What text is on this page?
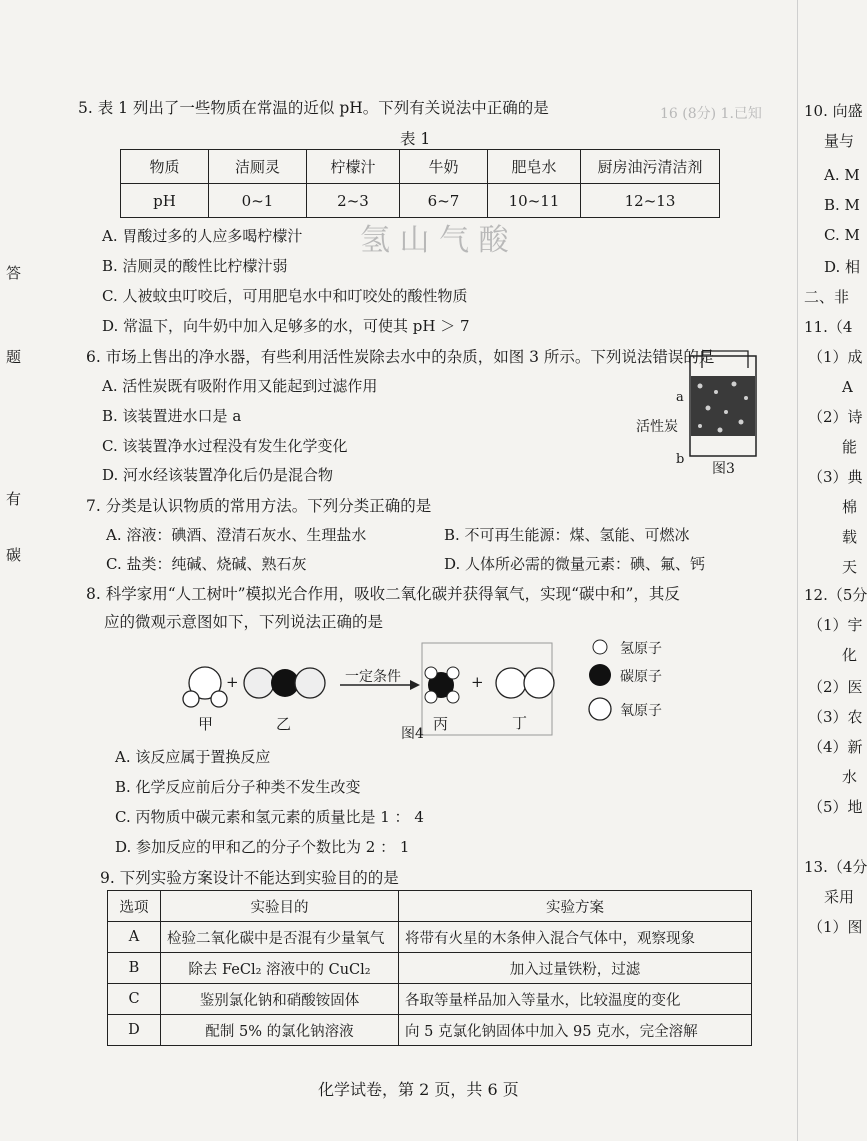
16 (8分) 1.已知
氢 山 气 酸
答
题
有
碳
5. 表 1 列出了一些物质在常温的近似 pH。下列有关说法中正确的是
表 1
物质	洁厕灵	柠檬汁	牛奶	肥皂水	厨房油污清洁剂
pH	0~1	2~3	6~7	10~11	12~13
A. 胃酸过多的人应多喝柠檬汁
B. 洁厕灵的酸性比柠檬汁弱
C. 人被蚊虫叮咬后，可用肥皂水中和叮咬处的酸性物质
D. 常温下，向牛奶中加入足够多的水，可使其 pH ＞ 7
6. 市场上售出的净水器，有些利用活性炭除去水中的杂质，如图 3 所示。下列说法错误的是
A. 活性炭既有吸附作用又能起到过滤作用
B. 该装置进水口是 a
C. 该装置净水过程没有发生化学变化
D. 河水经该装置净化后仍是混合物
a
b
活性炭
图3
7. 分类是认识物质的常用方法。下列分类正确的是
A. 溶液：碘酒、澄清石灰水、生理盐水	B. 不可再生能源：煤、氢能、可燃冰
C. 盐类：纯碱、烧碱、熟石灰	D. 人体所必需的微量元素：碘、氟、钙
8. 科学家用“人工树叶”模拟光合作用，吸收二氧化碳并获得氧气，实现“碳中和”，其反
应的微观示意图如下，下列说法正确的是
+	+
一定条件
甲	乙	丙	丁
图4
氢原子
碳原子
氧原子
A. 该反应属于置换反应
B. 化学反应前后分子种类不发生改变
C. 丙物质中碳元素和氢元素的质量比是 1 ： 4
D. 参加反应的甲和乙的分子个数比为 2 ： 1
9. 下列实验方案设计不能达到实验目的的是
选项	实验目的	实验方案
A	检验二氧化碳中是否混有少量氧气	将带有火星的木条伸入混合气体中，观察现象
B	除去 FeCl₂ 溶液中的 CuCl₂	加入过量铁粉，过滤
C	鉴别氯化钠和硝酸铵固体	各取等量样品加入等量水，比较温度的变化
D	配制 5% 的氯化钠溶液	向 5 克氯化钠固体中加入 95 克水，完全溶解
化学试卷，第 2 页，共 6 页
10. 向盛
量与
A. M
B. M
C. M
D. 相
二、非
11.（4
（1）成
A
（2）诗
能
（3）典
棉
载
天
12.（5分
（1）宇
化
（2）医
（3）农
（4）新
水
（5）地
13.（4分
采用
（1）图
